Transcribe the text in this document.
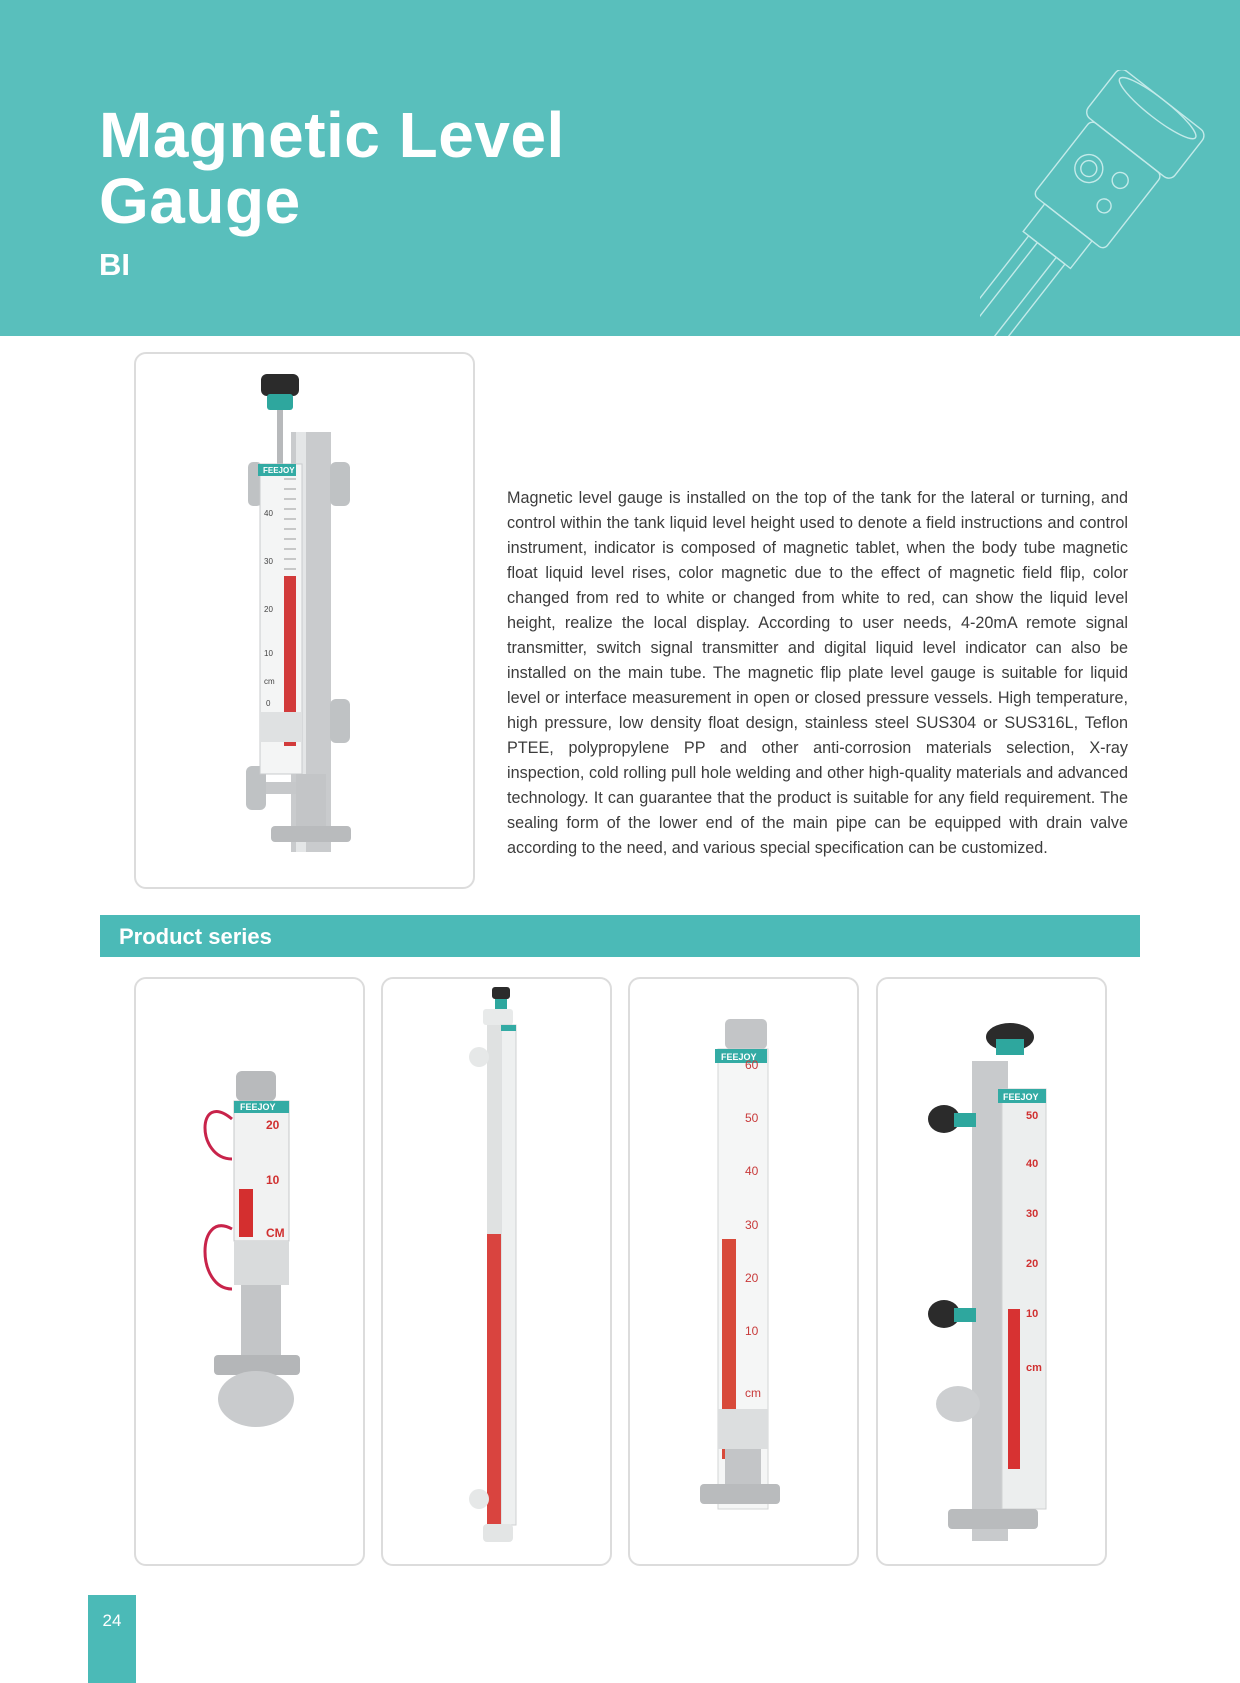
Magnetic Level
Gauge
BI
FEEJOY
40
30
20
10
cm
0
Magnetic level gauge is installed on the top of the tank for the lateral or turning, and control within the tank liquid level height used to denote a field instructions and control instrument, indicator is composed of magnetic tablet, when the body tube magnetic float liquid level rises, color magnetic due to the effect of magnetic field flip, color changed from red to white or changed from white to red, can show the liquid level height, realize the local display. According to user needs, 4-20mA remote signal transmitter, switch signal transmitter and digital liquid level indicator can also be installed on the main tube. The magnetic flip plate level gauge is suitable for liquid level or interface measurement in open or closed pressure vessels. High temperature, high pressure, low density float design, stainless steel SUS304 or SUS316L, Teflon PTEE, polypropylene PP and other anti-corrosion materials selection, X-ray inspection, cold rolling pull hole welding and other high-quality materials and advanced technology. It can guarantee that the product is suitable for any field requirement. The sealing form of the lower end of the main pipe can be equipped with drain valve according to the need, and various special specification can be customized.
Product series
FEEJOY
20
10
CM
FEEJOY
60
50
40
30
20
10
cm
FEEJOY
50
40
30
20
10
cm
24
